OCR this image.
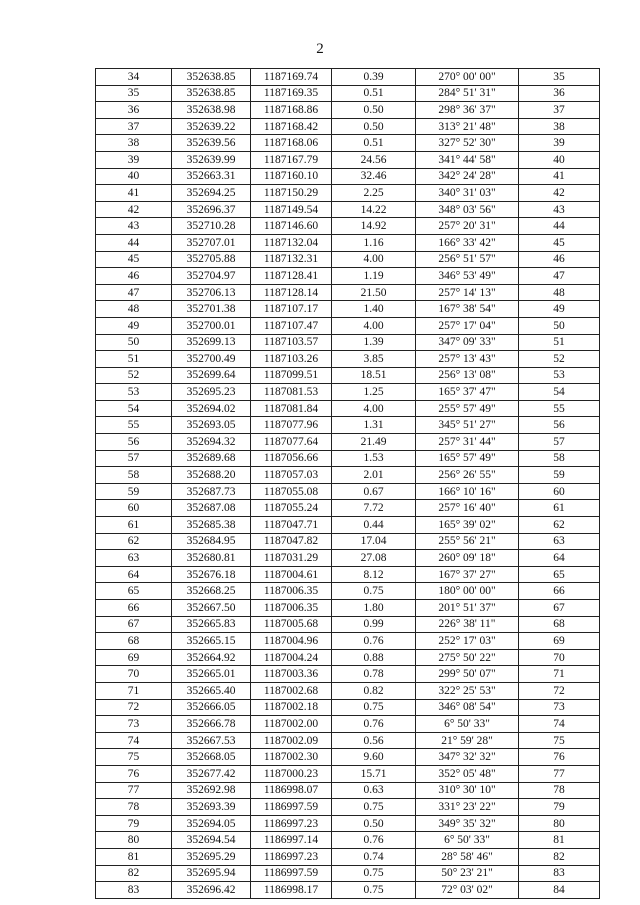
2
34	352638.85	1187169.74	0.39	270° 00' 00"	35
35	352638.85	1187169.35	0.51	284° 51' 31"	36
36	352638.98	1187168.86	0.50	298° 36' 37"	37
37	352639.22	1187168.42	0.50	313° 21' 48"	38
38	352639.56	1187168.06	0.51	327° 52' 30"	39
39	352639.99	1187167.79	24.56	341° 44' 58"	40
40	352663.31	1187160.10	32.46	342° 24' 28"	41
41	352694.25	1187150.29	2.25	340° 31' 03"	42
42	352696.37	1187149.54	14.22	348° 03' 56"	43
43	352710.28	1187146.60	14.92	257° 20' 31"	44
44	352707.01	1187132.04	1.16	166° 33' 42"	45
45	352705.88	1187132.31	4.00	256° 51' 57"	46
46	352704.97	1187128.41	1.19	346° 53' 49"	47
47	352706.13	1187128.14	21.50	257° 14' 13"	48
48	352701.38	1187107.17	1.40	167° 38' 54"	49
49	352700.01	1187107.47	4.00	257° 17' 04"	50
50	352699.13	1187103.57	1.39	347° 09' 33"	51
51	352700.49	1187103.26	3.85	257° 13' 43"	52
52	352699.64	1187099.51	18.51	256° 13' 08"	53
53	352695.23	1187081.53	1.25	165° 37' 47"	54
54	352694.02	1187081.84	4.00	255° 57' 49"	55
55	352693.05	1187077.96	1.31	345° 51' 27"	56
56	352694.32	1187077.64	21.49	257° 31' 44"	57
57	352689.68	1187056.66	1.53	165° 57' 49"	58
58	352688.20	1187057.03	2.01	256° 26' 55"	59
59	352687.73	1187055.08	0.67	166° 10' 16"	60
60	352687.08	1187055.24	7.72	257° 16' 40"	61
61	352685.38	1187047.71	0.44	165° 39' 02"	62
62	352684.95	1187047.82	17.04	255° 56' 21"	63
63	352680.81	1187031.29	27.08	260° 09' 18"	64
64	352676.18	1187004.61	8.12	167° 37' 27"	65
65	352668.25	1187006.35	0.75	180° 00' 00"	66
66	352667.50	1187006.35	1.80	201° 51' 37"	67
67	352665.83	1187005.68	0.99	226° 38' 11"	68
68	352665.15	1187004.96	0.76	252° 17' 03"	69
69	352664.92	1187004.24	0.88	275° 50' 22"	70
70	352665.01	1187003.36	0.78	299° 50' 07"	71
71	352665.40	1187002.68	0.82	322° 25' 53"	72
72	352666.05	1187002.18	0.75	346° 08' 54"	73
73	352666.78	1187002.00	0.76	6° 50' 33"	74
74	352667.53	1187002.09	0.56	21° 59' 28"	75
75	352668.05	1187002.30	9.60	347° 32' 32"	76
76	352677.42	1187000.23	15.71	352° 05' 48"	77
77	352692.98	1186998.07	0.63	310° 30' 10"	78
78	352693.39	1186997.59	0.75	331° 23' 22"	79
79	352694.05	1186997.23	0.50	349° 35' 32"	80
80	352694.54	1186997.14	0.76	6° 50' 33"	81
81	352695.29	1186997.23	0.74	28° 58' 46"	82
82	352695.94	1186997.59	0.75	50° 23' 21"	83
83	352696.42	1186998.17	0.75	72° 03' 02"	84
